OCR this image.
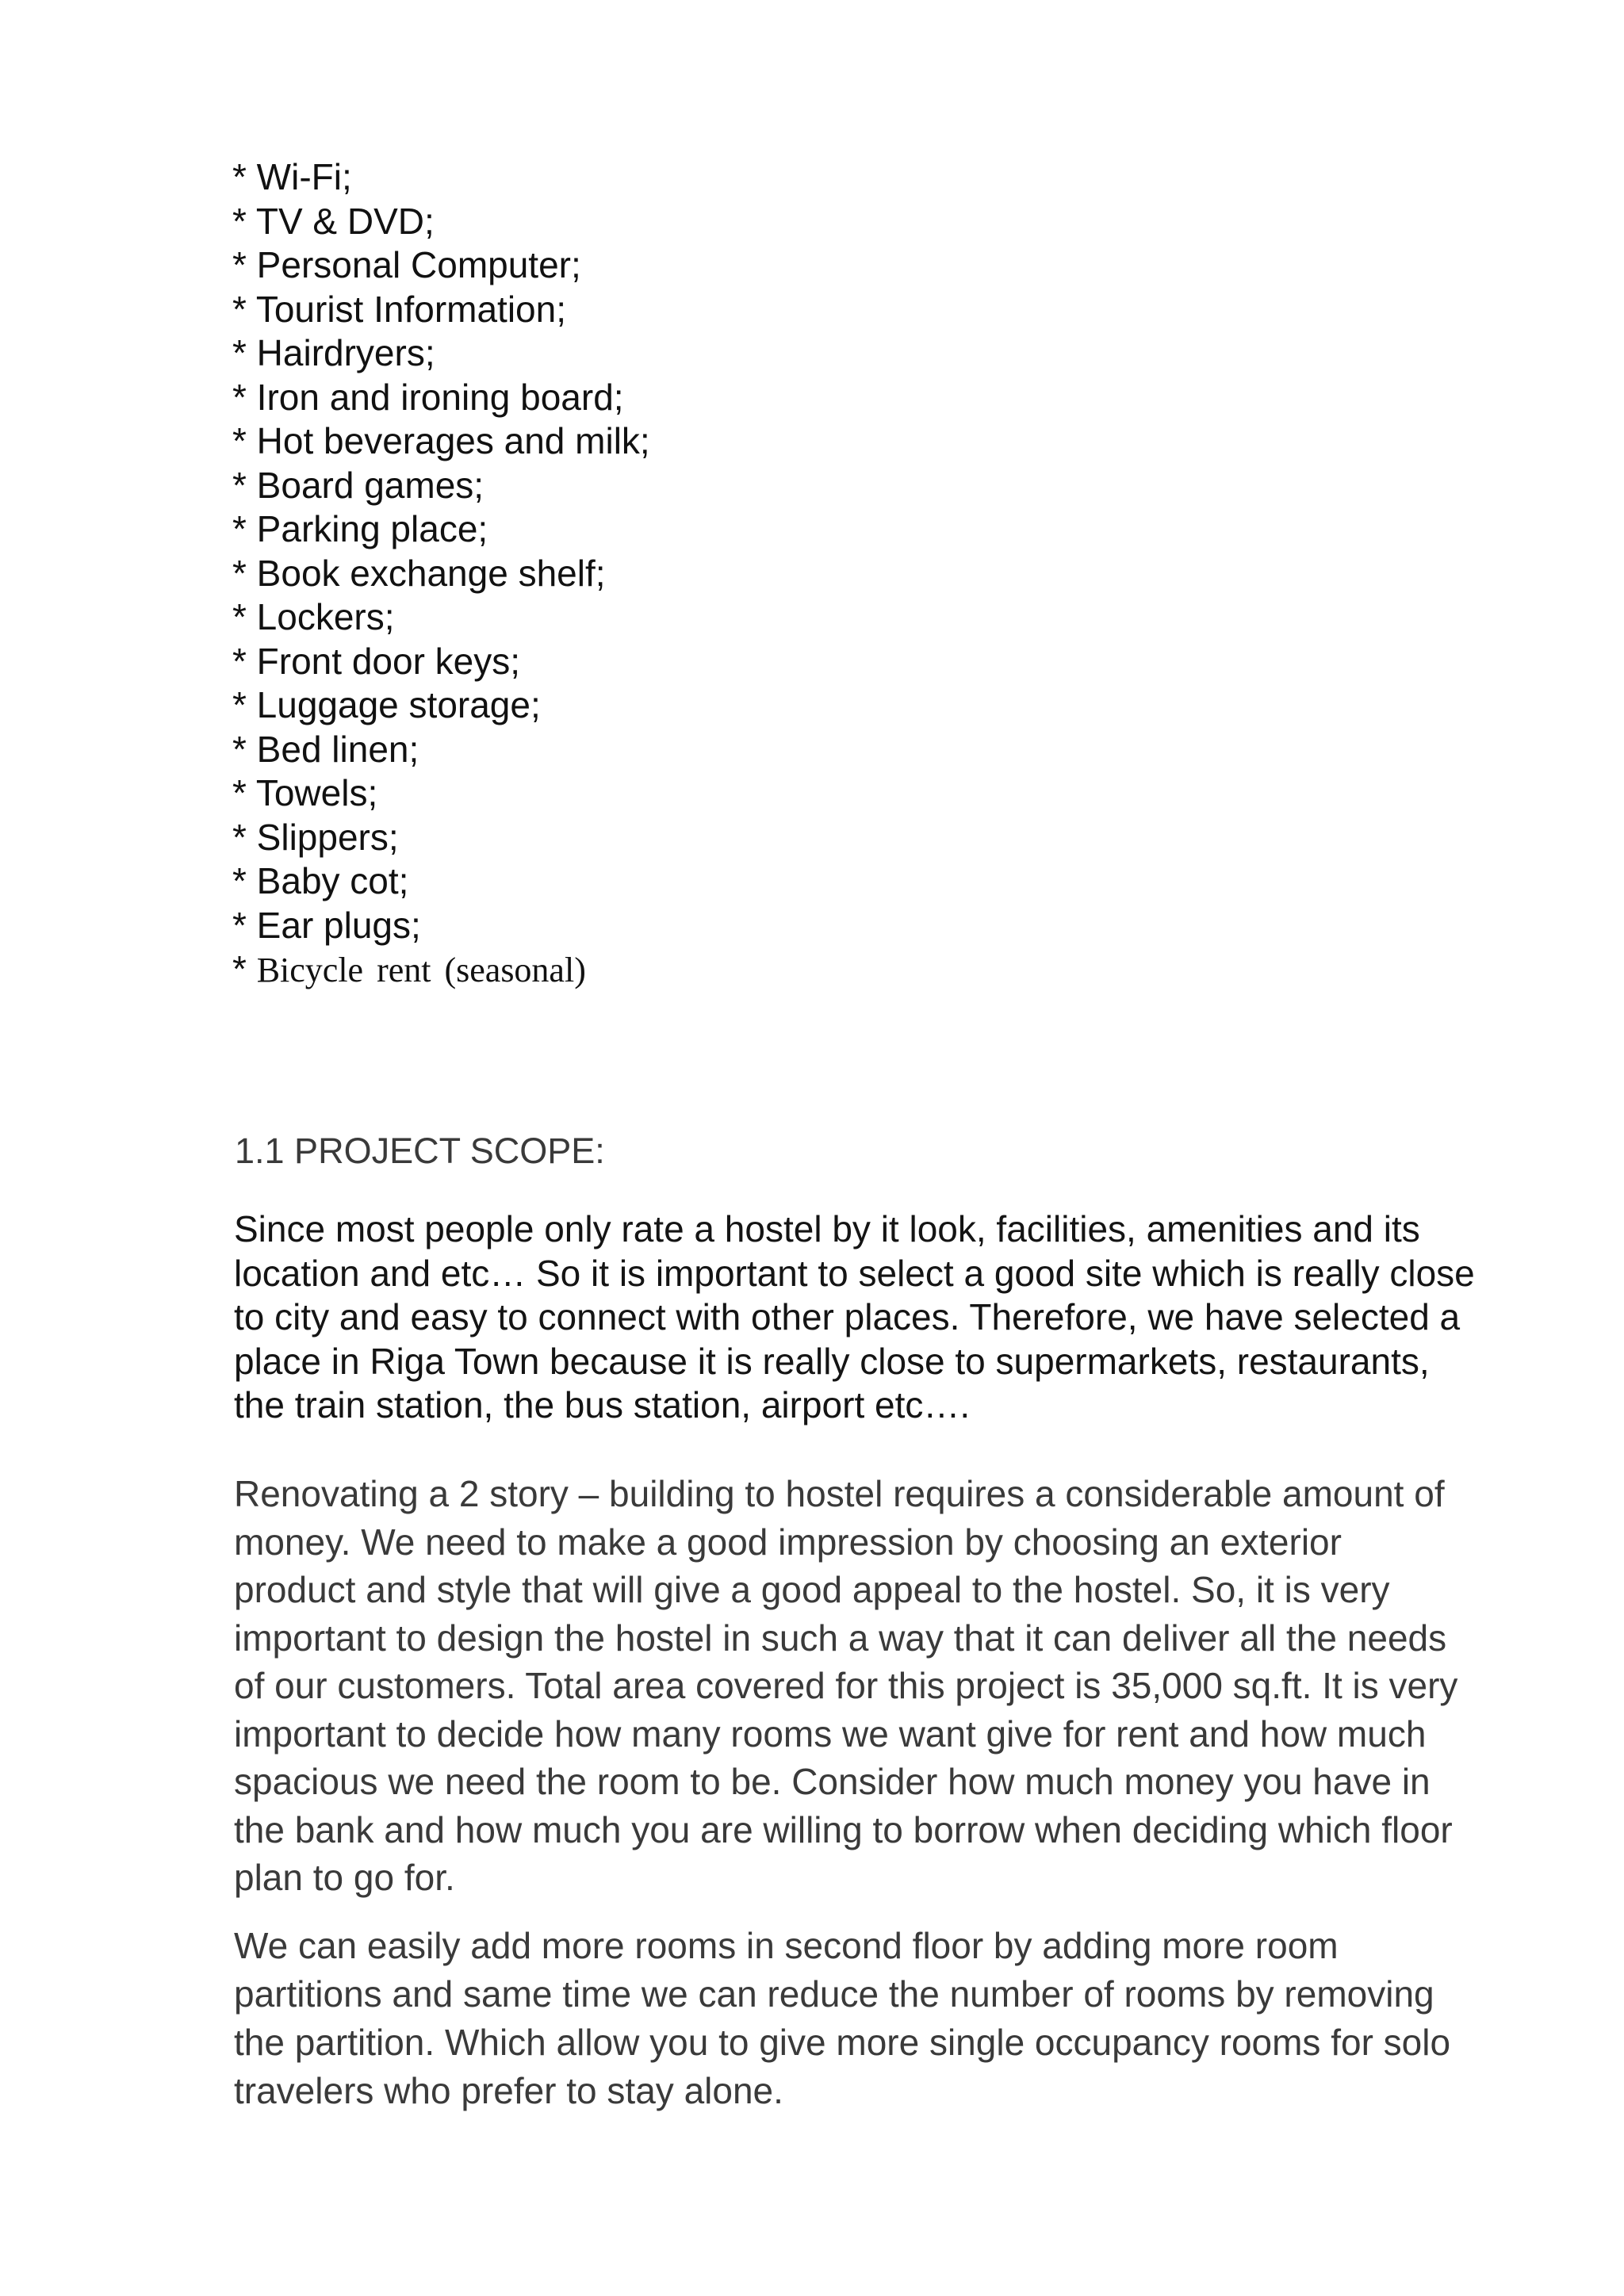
* Wi-Fi;
* TV & DVD;
* Personal Computer;
* Tourist Information;
* Hairdryers;
* Iron and ironing board;
* Hot beverages and milk;
* Board games;
* Parking place;
* Book exchange shelf;
* Lockers;
* Front door keys;
* Luggage storage;
* Bed linen;
* Towels;
* Slippers;
* Baby cot;
* Ear plugs;
* Bicycle rent (seasonal)
1.1 PROJECT SCOPE:

Since most people only rate a hostel by it look, facilities, amenities and its
location and etc… So it is important to select a good site which is really close
to city and easy to connect with other places. Therefore, we have selected a
place in Riga Town because it is really close to supermarkets, restaurants,
the train station, the bus station, airport etc….

Renovating a 2 story – building to hostel requires a considerable amount of
money. We need to make a good impression by choosing an exterior
product and style that will give a good appeal to the hostel. So, it is very
important to design the hostel in such a way that it can deliver all the needs
of our customers. Total area covered for this project is 35,000 sq.ft. It is very
important to decide how many rooms we want give for rent and how much
spacious we need the room to be. Consider how much money you have in
the bank and how much you are willing to borrow when deciding which floor
plan to go for.

We can easily add more rooms in second floor by adding more room
partitions and same time we can reduce the number of rooms by removing
the partition. Which allow you to give more single occupancy rooms for solo
travelers who prefer to stay alone.
